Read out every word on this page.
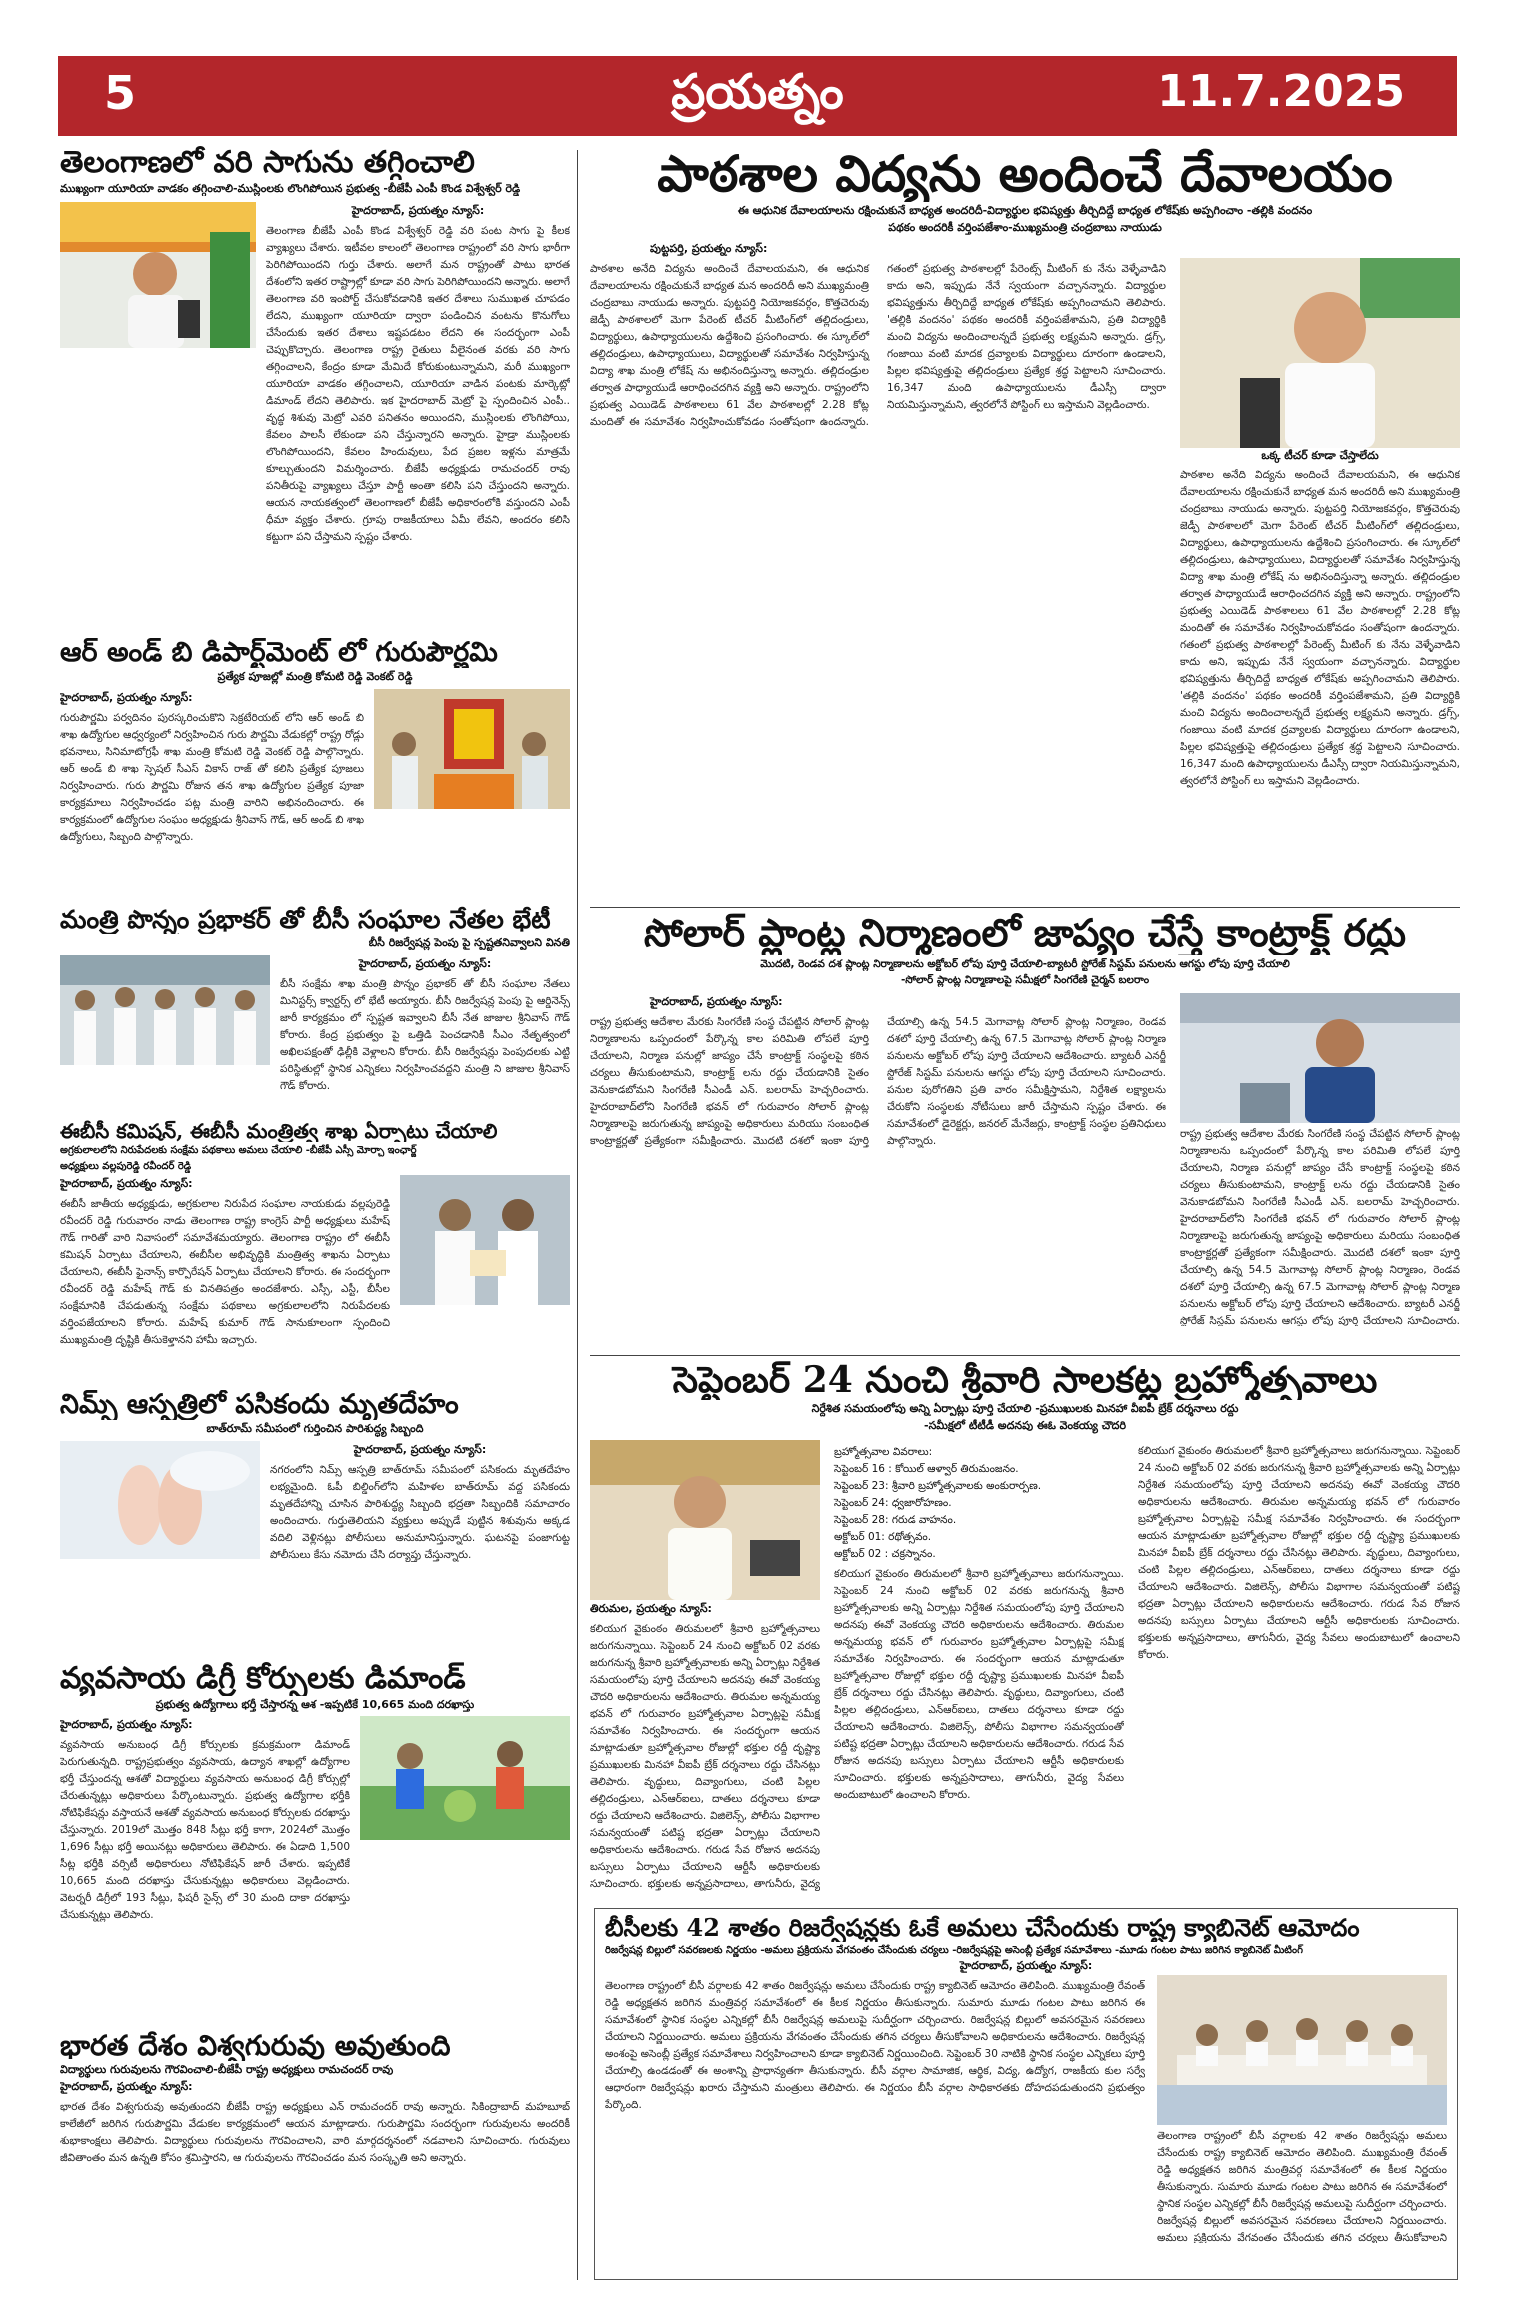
5	ప్రయత్నం	11.7.2025
తెలంగాణలో వరి సాగును తగ్గించాలి
ముఖ్యంగా యూరియా వాడకం తగ్గించాలి-ముస్లింలకు లొంగిపోయిన ప్రభుత్వ -బీజేపీ ఎంపీ కొండ విశ్వేశ్వర్ రెడ్డి
హైదరాబాద్, ప్రయత్నం న్యూస్:
తెలంగాణ బీజేపీ ఎంపీ కొండ విశ్వేశ్వర్ రెడ్డి వరి పంట సాగు పై కీలక వ్యాఖ్యలు చేశారు. ఇటీవల కాలంలో తెలంగాణ రాష్ట్రంలో వరి సాగు భారీగా పెరిగిపోయిందని గుర్తు చేశారు. అలాగే మన రాష్ట్రంతో పాటు భారత దేశంలోని ఇతర రాష్ట్రాల్లో కూడా వరి సాగు పెరిగిపోయిందని అన్నారు. అలాగే తెలంగాణ వరి ఇంపోర్ట్ చేసుకోవడానికి ఇతర దేశాలు సుముఖత చూపడం లేదని, ముఖ్యంగా యూరియా ద్వారా పండించిన వంటను కొనుగోలు చేసేందుకు ఇతర దేశాలు ఇష్టపడటం లేదని ఈ సందర్భంగా ఎంపీ చెప్పుకొచ్చారు. తెలంగాణ రాష్ట్ర రైతులు వీలైనంత వరకు వరి సాగు తగ్గించాలని, కేంద్రం కూడా మేమిదే కోరుకుంటున్నామని, మరీ ముఖ్యంగా యూరియా వాడకం తగ్గించాలని, యూరియా వాడిన పంటకు మార్కెట్లో డిమాండ్ లేదని తెలిపారు. ఇక హైదరాబాద్ మెట్రో పై స్పందించిన ఎంపీ.. వృద్ధ శిశువు మెట్రో ఎవరి పనితనం అయిందని, ముస్లింలకు లొంగిపోయి, కేవలం పాలసీ లేకుండా పని చేస్తున్నారని అన్నారు. హైడ్రా ముస్లింలకు లొంగిపోయిందని, కేవలం హిందువులు, పేద ప్రజల ఇళ్లను మాత్రమే కూల్చుతుందని విమర్శించారు. బీజేపీ అధ్యక్షుడు రామచందర్ రావు పనితీరుపై వ్యాఖ్యలు చేస్తూ పార్టీ అంతా కలిసి పని చేస్తుందని అన్నారు. ఆయన నాయకత్వంలో తెలంగాణలో బీజేపీ అధికారంలోకి వస్తుందని ఎంపీ ధీమా వ్యక్తం చేశారు. గ్రూపు రాజకీయాలు ఏమీ లేవని, అందరం కలిసి కట్టుగా పని చేస్తామని స్పష్టం చేశారు.
ఆర్ అండ్ బి డిపార్ట్‌మెంట్ లో గురుపౌర్ణమి
ప్రత్యేక పూజల్లో మంత్రి కోమటి రెడ్డి వెంకట్ రెడ్డి
హైదరాబాద్, ప్రయత్నం న్యూస్:
గురుపౌర్ణమి పర్వదినం పురస్కరించుకొని సెక్రటేరియట్ లోని ఆర్ అండ్ బి శాఖ ఉద్యోగుల ఆధ్వర్యంలో నిర్వహించిన గురు పౌర్ణమి వేడుకల్లో రాష్ట్ర రోడ్లు భవనాలు, సినిమాటోగ్రఫీ శాఖ మంత్రి కోమటి రెడ్డి వెంకట్ రెడ్డి పాల్గొన్నారు. ఆర్ అండ్ బి శాఖ స్పెషల్ సీఎస్ వికాస్ రాజ్ తో కలిసి ప్రత్యేక పూజలు నిర్వహించారు. గురు పౌర్ణమి రోజున తన శాఖ ఉద్యోగుల ప్రత్యేక పూజా కార్యక్రమాలు నిర్వహించడం పట్ల మంత్రి వారిని అభినందించారు. ఈ కార్యక్రమంలో ఉద్యోగుల సంఘం అధ్యక్షుడు శ్రీనివాస్ గౌడ్, ఆర్ అండ్ బి శాఖ ఉద్యోగులు, సిబ్బంది పాల్గొన్నారు.
మంత్రి పొన్నం ప్రభాకర్ తో బీసీ సంఘాల నేతల భేటీ
బీసీ రిజర్వేషన్ల పెంపు పై స్పష్టతనివ్వాలని వినతి
హైదరాబాద్, ప్రయత్నం న్యూస్:
బీసీ సంక్షేమ శాఖ మంత్రి పొన్నం ప్రభాకర్ తో బీసీ సంఘాల నేతలు మినిస్టర్స్ క్వార్టర్స్ లో భేటీ అయ్యారు. బీసీ రిజర్వేషన్ల పెంపు పై ఆర్డినెన్స్ జారీ కార్యక్రమం లో స్పష్టత ఇవ్వాలని బీసీ నేత జాజుల శ్రీనివాస్ గౌడ్ కోరారు. కేంద్ర ప్రభుత్వం పై ఒత్తిడి పెంచడానికి సీఎం నేతృత్వంలో అఖిలపక్షంతో ఢిల్లీకి వెళ్లాలని కోరారు. బీసీ రిజర్వేషన్లు పెంపుదలకు ఎట్టి పరిస్థితుల్లో స్థానిక ఎన్నికలు నిర్వహించవద్దని మంత్రి ని జాజుల శ్రీనివాస్ గౌడ్ కోరారు.
ఈబీసీ కమిషన్, ఈబీసీ మంత్రిత్వ శాఖ ఏర్పాటు చేయాలి
అగ్రకులాలలోని నిరుపేదలకు సంక్షేమ పథకాలు అమలు చేయాలి -బీజేపీ ఎస్సీ మోర్చా ఇంఛార్జ్
అధ్యక్షులు వల్లపురెడ్డి రవీందర్ రెడ్డి
హైదరాబాద్, ప్రయత్నం న్యూస్:
ఈబీసీ జాతీయ అధ్యక్షుడు, అగ్రకులాల నిరుపేద సంఘాల నాయకుడు వల్లపురెడ్డి రవీందర్ రెడ్డి గురువారం నాడు తెలంగాణ రాష్ట్ర కాంగ్రెస్ పార్టీ అధ్యక్షులు మహేష్ గౌడ్ గారితో వారి నివాసంలో సమావేశమయ్యారు. తెలంగాణ రాష్ట్రం లో ఈబీసీ కమిషన్ ఏర్పాటు చేయాలని, ఈబీసీల అభివృద్ధికి మంత్రిత్వ శాఖను ఏర్పాటు చేయాలని, ఈబీసీ ఫైనాన్స్ కార్పొరేషన్ ఏర్పాటు చేయాలని కోరారు. ఈ సందర్భంగా రవీందర్ రెడ్డి మహేష్ గౌడ్ కు వినతిపత్రం అందజేశారు. ఎస్సీ, ఎస్టీ, బీసీల సంక్షేమానికి చేపడుతున్న సంక్షేమ పథకాలు అగ్రకులాలలోని నిరుపేదలకు వర్తింపజేయాలని కోరారు. మహేష్ కుమార్ గౌడ్ సానుకూలంగా స్పందించి ముఖ్యమంత్రి దృష్టికి తీసుకెళ్తానని హామీ ఇచ్చారు.
నిమ్స్ ఆస్పత్రిలో పసికందు మృతదేహం
బాత్‌రూమ్ సమీపంలో గుర్తించిన పారిశుద్ధ్య సిబ్బంది
హైదరాబాద్, ప్రయత్నం న్యూస్:
నగరంలోని నిమ్స్ ఆస్పత్రి బాత్‌రూమ్ సమీపంలో పసికందు మృతదేహం లభ్యమైంది. ఓపీ బిల్డింగ్‌లోని మహిళల బాత్‌రూమ్ వద్ద పసికందు మృతదేహాన్ని చూసిన పారిశుద్ధ్య సిబ్బంది భద్రతా సిబ్బందికి సమాచారం అందించారు. గుర్తుతెలియని వ్యక్తులు అప్పుడే పుట్టిన శిశువును అక్కడ వదిలి వెళ్లినట్లు పోలీసులు అనుమానిస్తున్నారు. ఘటనపై పంజాగుట్ట పోలీసులు కేసు నమోదు చేసి దర్యాప్తు చేస్తున్నారు.
వ్యవసాయ డిగ్రీ కోర్సులకు డిమాండ్
ప్రభుత్వ ఉద్యోగాలు భర్తీ చేస్తారన్న ఆశ -ఇప్పటికే 10,665 మంది దరఖాస్తు
హైదరాబాద్, ప్రయత్నం న్యూస్:
వ్యవసాయ అనుబంధ డిగ్రీ కోర్సులకు క్రమక్రమంగా డిమాండ్ పెరుగుతున్నది. రాష్ట్రప్రభుత్వం వ్యవసాయ, ఉద్యాన శాఖల్లో ఉద్యోగాల భర్తీ చేస్తుందన్న ఆశతో విద్యార్థులు వ్యవసాయ అనుబంధ డిగ్రీ కోర్సుల్లో చేరుతున్నట్లు అధికారులు పేర్కొంటున్నారు. ప్రభుత్వ ఉద్యోగాల భర్తీకి నోటిఫికేషన్లు వస్తాయనే ఆశతో వ్యవసాయ అనుబంధ కోర్సులకు దరఖాస్తు చేస్తున్నారు. 2019లో మొత్తం 848 సీట్లు భర్తీ కాగా, 2024లో మొత్తం 1,696 సీట్లు భర్తీ అయినట్లు అధికారులు తెలిపారు. ఈ ఏడాది 1,500 సీట్ల భర్తీకి వర్సిటీ అధికారులు నోటిఫికేషన్ జారీ చేశారు. ఇప్పటికే 10,665 మంది దరఖాస్తు చేసుకున్నట్లు అధికారులు వెల్లడించారు. వెటర్నరీ డిగ్రీలో 193 సీట్లు, ఫిషరీ సైన్స్ లో 30 మంది దాకా దరఖాస్తు చేసుకున్నట్లు తెలిపారు.
భారత దేశం విశ్వగురువు అవుతుంది
విద్యార్థులు గురువులను గౌరవించాలి-బీజేపీ రాష్ట్ర అధ్యక్షులు రామచందర్ రావు
హైదరాబాద్, ప్రయత్నం న్యూస్:
భారత దేశం విశ్వగురువు అవుతుందని బీజేపీ రాష్ట్ర అధ్యక్షులు ఎన్ రామచందర్ రావు అన్నారు. సికింద్రాబాద్ మహబూబ్ కాలేజీలో జరిగిన గురుపౌర్ణమి వేడుకల కార్యక్రమంలో ఆయన మాట్లాడారు. గురుపౌర్ణమి సందర్భంగా గురువులను అందరికీ శుభాకాంక్షలు తెలిపారు. విద్యార్థులు గురువులను గౌరవించాలని, వారి మార్గదర్శనంలో నడవాలని సూచించారు. గురువులు జీవితాంతం మన ఉన్నతి కోసం శ్రమిస్తారని, ఆ గురువులను గౌరవించడం మన సంస్కృతి అని అన్నారు.
పాఠశాల విద్యను అందించే దేవాలయం
ఈ ఆధునిక దేవాలయాలను రక్షించుకునే బాధ్యత అందరిదీ-విద్యార్థుల భవిష్యత్తు తీర్చిదిద్దే బాధ్యత లోకేష్‌కు అప్పగించాం -తల్లికి వందనం
పథకం అందరికీ వర్తింపజేశాం-ముఖ్యమంత్రి చంద్రబాబు నాయుడు
పుట్టపర్తి, ప్రయత్నం న్యూస్:
పాఠశాల అనేది విద్యను అందించే దేవాలయమని, ఈ ఆధునిక దేవాలయాలను రక్షించుకునే బాధ్యత మన అందరిదీ అని ముఖ్యమంత్రి చంద్రబాబు నాయుడు అన్నారు. పుట్టపర్తి నియోజకవర్గం, కొత్తచెరువు జెడ్పీ పాఠశాలలో మెగా పేరెంట్ టీచర్ మీటింగ్‌లో తల్లిదండ్రులు, విద్యార్థులు, ఉపాధ్యాయులను ఉద్దేశించి ప్రసంగించారు. ఈ స్కూల్‌లో తల్లిదండ్రులు, ఉపాధ్యాయులు, విద్యార్థులతో సమావేశం నిర్వహిస్తున్న విద్యా శాఖ మంత్రి లోకేష్ ను అభినందిస్తున్నా అన్నారు. తల్లిదండ్రుల తర్వాత పాధ్యాయుడే ఆరాధించదగిన వ్యక్తి అని అన్నారు. రాష్ట్రంలోని ప్రభుత్వ ఎయిడెడ్ పాఠశాలలు 61 వేల పాఠశాలల్లో 2.28 కోట్ల మందితో ఈ సమావేశం నిర్వహించుకోవడం సంతోషంగా ఉందన్నారు. గతంలో ప్రభుత్వ పాఠశాలల్లో పేరెంట్స్ మీటింగ్ కు నేను వెళ్ళేవాడిని కాదు అని, ఇప్పుడు నేనే స్వయంగా వచ్చానన్నారు. విద్యార్థుల భవిష్యత్తును తీర్చిదిద్దే బాధ్యత లోకేష్‌కు అప్పగించామని తెలిపారు. 'తల్లికి వందనం' పథకం అందరికీ వర్తింపజేశామని, ప్రతి విద్యార్థికి మంచి విద్యను అందించాలన్నదే ప్రభుత్వ లక్ష్యమని అన్నారు. డ్రగ్స్, గంజాయి వంటి మాదక ద్రవ్యాలకు విద్యార్థులు దూరంగా ఉండాలని, పిల్లల భవిష్యత్తుపై తల్లిదండ్రులు ప్రత్యేక శ్రద్ధ పెట్టాలని సూచించారు. 16,347 మంది ఉపాధ్యాయులను డీఎస్సీ ద్వారా నియమిస్తున్నామని, త్వరలోనే పోస్టింగ్ లు ఇస్తామని వెల్లడించారు.
ఒక్క టీచర్ కూడా చేస్తాలేదు
పాఠశాల అనేది విద్యను అందించే దేవాలయమని, ఈ ఆధునిక దేవాలయాలను రక్షించుకునే బాధ్యత మన అందరిదీ అని ముఖ్యమంత్రి చంద్రబాబు నాయుడు అన్నారు. పుట్టపర్తి నియోజకవర్గం, కొత్తచెరువు జెడ్పీ పాఠశాలలో మెగా పేరెంట్ టీచర్ మీటింగ్‌లో తల్లిదండ్రులు, విద్యార్థులు, ఉపాధ్యాయులను ఉద్దేశించి ప్రసంగించారు. ఈ స్కూల్‌లో తల్లిదండ్రులు, ఉపాధ్యాయులు, విద్యార్థులతో సమావేశం నిర్వహిస్తున్న విద్యా శాఖ మంత్రి లోకేష్ ను అభినందిస్తున్నా అన్నారు. తల్లిదండ్రుల తర్వాత పాధ్యాయుడే ఆరాధించదగిన వ్యక్తి అని అన్నారు. రాష్ట్రంలోని ప్రభుత్వ ఎయిడెడ్ పాఠశాలలు 61 వేల పాఠశాలల్లో 2.28 కోట్ల మందితో ఈ సమావేశం నిర్వహించుకోవడం సంతోషంగా ఉందన్నారు. గతంలో ప్రభుత్వ పాఠశాలల్లో పేరెంట్స్ మీటింగ్ కు నేను వెళ్ళేవాడిని కాదు అని, ఇప్పుడు నేనే స్వయంగా వచ్చానన్నారు. విద్యార్థుల భవిష్యత్తును తీర్చిదిద్దే బాధ్యత లోకేష్‌కు అప్పగించామని తెలిపారు. 'తల్లికి వందనం' పథకం అందరికీ వర్తింపజేశామని, ప్రతి విద్యార్థికి మంచి విద్యను అందించాలన్నదే ప్రభుత్వ లక్ష్యమని అన్నారు. డ్రగ్స్, గంజాయి వంటి మాదక ద్రవ్యాలకు విద్యార్థులు దూరంగా ఉండాలని, పిల్లల భవిష్యత్తుపై తల్లిదండ్రులు ప్రత్యేక శ్రద్ధ పెట్టాలని సూచించారు. 16,347 మంది ఉపాధ్యాయులను డీఎస్సీ ద్వారా నియమిస్తున్నామని, త్వరలోనే పోస్టింగ్ లు ఇస్తామని వెల్లడించారు.
సోలార్ ప్లాంట్ల నిర్మాణంలో జాప్యం చేస్తే కాంట్రాక్ట్ రద్దు
మొదటి, రెండవ దశ ప్లాంట్ల నిర్మాణాలను అక్టోబర్ లోపు పూర్తి చేయాలి-బ్యాటరీ స్టోరేజ్ సిస్టమ్ పనులను ఆగస్టు లోపు పూర్తి చేయాలి
-సోలార్ ప్లాంట్ల నిర్మాణాలపై సమీక్షలో సింగరేణి చైర్మన్ బలరాం
హైదరాబాద్, ప్రయత్నం న్యూస్:
రాష్ట్ర ప్రభుత్వ ఆదేశాల మేరకు సింగరేణి సంస్థ చేపట్టిన సోలార్ ప్లాంట్ల నిర్మాణాలను ఒప్పందంలో పేర్కొన్న కాల పరిమితి లోపలే పూర్తి చేయాలని, నిర్మాణ పనుల్లో జాప్యం చేసే కాంట్రాక్ట్ సంస్థలపై కఠిన చర్యలు తీసుకుంటామని, కాంట్రాక్ట్ లను రద్దు చేయడానికి సైతం వెనుకాడబోమని సింగరేణి సీఎండీ ఎన్. బలరామ్ హెచ్చరించారు. హైదరాబాద్‌లోని సింగరేణి భవన్ లో గురువారం సోలార్ ప్లాంట్ల నిర్మాణాలపై జరుగుతున్న జాప్యంపై అధికారులు మరియు సంబంధిత కాంట్రాక్టర్లతో ప్రత్యేకంగా సమీక్షించారు. మొదటి దశలో ఇంకా పూర్తి చేయాల్సి ఉన్న 54.5 మెగావాట్ల సోలార్ ప్లాంట్ల నిర్మాణం, రెండవ దశలో పూర్తి చేయాల్సి ఉన్న 67.5 మెగావాట్ల సోలార్ ప్లాంట్ల నిర్మాణ పనులను అక్టోబర్ లోపు పూర్తి చేయాలని ఆదేశించారు. బ్యాటరీ ఎనర్జీ స్టోరేజ్ సిస్టమ్ పనులను ఆగస్టు లోపు పూర్తి చేయాలని సూచించారు. పనుల పురోగతిని ప్రతి వారం సమీక్షిస్తామని, నిర్దేశిత లక్ష్యాలను చేరుకోని సంస్థలకు నోటీసులు జారీ చేస్తామని స్పష్టం చేశారు. ఈ సమావేశంలో డైరెక్టర్లు, జనరల్ మేనేజర్లు, కాంట్రాక్ట్ సంస్థల ప్రతినిధులు పాల్గొన్నారు.
రాష్ట్ర ప్రభుత్వ ఆదేశాల మేరకు సింగరేణి సంస్థ చేపట్టిన సోలార్ ప్లాంట్ల నిర్మాణాలను ఒప్పందంలో పేర్కొన్న కాల పరిమితి లోపలే పూర్తి చేయాలని, నిర్మాణ పనుల్లో జాప్యం చేసే కాంట్రాక్ట్ సంస్థలపై కఠిన చర్యలు తీసుకుంటామని, కాంట్రాక్ట్ లను రద్దు చేయడానికి సైతం వెనుకాడబోమని సింగరేణి సీఎండీ ఎన్. బలరామ్ హెచ్చరించారు. హైదరాబాద్‌లోని సింగరేణి భవన్ లో గురువారం సోలార్ ప్లాంట్ల నిర్మాణాలపై జరుగుతున్న జాప్యంపై అధికారులు మరియు సంబంధిత కాంట్రాక్టర్లతో ప్రత్యేకంగా సమీక్షించారు. మొదటి దశలో ఇంకా పూర్తి చేయాల్సి ఉన్న 54.5 మెగావాట్ల సోలార్ ప్లాంట్ల నిర్మాణం, రెండవ దశలో పూర్తి చేయాల్సి ఉన్న 67.5 మెగావాట్ల సోలార్ ప్లాంట్ల నిర్మాణ పనులను అక్టోబర్ లోపు పూర్తి చేయాలని ఆదేశించారు. బ్యాటరీ ఎనర్జీ స్టోరేజ్ సిస్టమ్ పనులను ఆగస్టు లోపు పూర్తి చేయాలని సూచించారు.
సెప్టెంబర్ 24 నుంచి శ్రీవారి సాలకట్ల బ్రహ్మోత్సవాలు
నిర్దేశిత సమయంలోపు అన్ని ఏర్పాట్లు పూర్తి చేయాలి -ప్రముఖులకు మినహా వీఐపీ బ్రేక్ దర్శనాలు రద్దు
-సమీక్షలో టీటీడీ అదనపు ఈఓ వెంకయ్య చౌదరి
తిరుమల, ప్రయత్నం న్యూస్:
కలియుగ వైకుంఠం తిరుమలలో శ్రీవారి బ్రహ్మోత్సవాలు జరుగనున్నాయి. సెప్టెంబర్ 24 నుంచి అక్టోబర్ 02 వరకు జరుగనున్న శ్రీవారి బ్రహ్మోత్సవాలకు అన్ని ఏర్పాట్లు నిర్దేశిత సమయంలోపు పూర్తి చేయాలని అదనపు ఈవో వెంకయ్య చౌదరి అధికారులను ఆదేశించారు. తిరుమల అన్నమయ్య భవన్ లో గురువారం బ్రహ్మోత్సవాల ఏర్పాట్లపై సమీక్ష సమావేశం నిర్వహించారు. ఈ సందర్భంగా ఆయన మాట్లాడుతూ బ్రహ్మోత్సవాల రోజుల్లో భక్తుల రద్దీ దృష్ట్యా ప్రముఖులకు మినహా వీఐపీ బ్రేక్ దర్శనాలు రద్దు చేసినట్లు తెలిపారు. వృద్ధులు, దివ్యాంగులు, చంటి పిల్లల తల్లిదండ్రులు, ఎన్ఆర్ఐలు, దాతలు దర్శనాలు కూడా రద్దు చేయాలని ఆదేశించారు. విజిలెన్స్, పోలీసు విభాగాల సమన్వయంతో పటిష్ట భద్రతా ఏర్పాట్లు చేయాలని అధికారులను ఆదేశించారు. గరుడ సేవ రోజున అదనపు బస్సులు ఏర్పాటు చేయాలని ఆర్టీసీ అధికారులకు సూచించారు. భక్తులకు అన్నప్రసాదాలు, తాగునీరు, వైద్య
బ్రహ్మోత్సవాల వివరాలు:
సెప్టెంబర్ 16 : కోయిల్ ఆళ్వార్ తిరుమంజనం.
సెప్టెంబర్ 23: శ్రీవారి బ్రహ్మోత్సవాలకు అంకురార్పణ.
సెప్టెంబర్ 24: ధ్వజారోహణం.
సెప్టెంబర్ 28: గరుడ వాహనం.
అక్టోబర్ 01: రథోత్సవం.
అక్టోబర్ 02 : చక్రస్నానం.
కలియుగ వైకుంఠం తిరుమలలో శ్రీవారి బ్రహ్మోత్సవాలు జరుగనున్నాయి. సెప్టెంబర్ 24 నుంచి అక్టోబర్ 02 వరకు జరుగనున్న శ్రీవారి బ్రహ్మోత్సవాలకు అన్ని ఏర్పాట్లు నిర్దేశిత సమయంలోపు పూర్తి చేయాలని అదనపు ఈవో వెంకయ్య చౌదరి అధికారులను ఆదేశించారు. తిరుమల అన్నమయ్య భవన్ లో గురువారం బ్రహ్మోత్సవాల ఏర్పాట్లపై సమీక్ష సమావేశం నిర్వహించారు. ఈ సందర్భంగా ఆయన మాట్లాడుతూ బ్రహ్మోత్సవాల రోజుల్లో భక్తుల రద్దీ దృష్ట్యా ప్రముఖులకు మినహా వీఐపీ బ్రేక్ దర్శనాలు రద్దు చేసినట్లు తెలిపారు. వృద్ధులు, దివ్యాంగులు, చంటి పిల్లల తల్లిదండ్రులు, ఎన్ఆర్ఐలు, దాతలు దర్శనాలు కూడా రద్దు చేయాలని ఆదేశించారు. విజిలెన్స్, పోలీసు విభాగాల సమన్వయంతో పటిష్ట భద్రతా ఏర్పాట్లు చేయాలని అధికారులను ఆదేశించారు. గరుడ సేవ రోజున అదనపు బస్సులు ఏర్పాటు చేయాలని ఆర్టీసీ అధికారులకు సూచించారు. భక్తులకు అన్నప్రసాదాలు, తాగునీరు, వైద్య సేవలు అందుబాటులో ఉంచాలని కోరారు.
కలియుగ వైకుంఠం తిరుమలలో శ్రీవారి బ్రహ్మోత్సవాలు జరుగనున్నాయి. సెప్టెంబర్ 24 నుంచి అక్టోబర్ 02 వరకు జరుగనున్న శ్రీవారి బ్రహ్మోత్సవాలకు అన్ని ఏర్పాట్లు నిర్దేశిత సమయంలోపు పూర్తి చేయాలని అదనపు ఈవో వెంకయ్య చౌదరి అధికారులను ఆదేశించారు. తిరుమల అన్నమయ్య భవన్ లో గురువారం బ్రహ్మోత్సవాల ఏర్పాట్లపై సమీక్ష సమావేశం నిర్వహించారు. ఈ సందర్భంగా ఆయన మాట్లాడుతూ బ్రహ్మోత్సవాల రోజుల్లో భక్తుల రద్దీ దృష్ట్యా ప్రముఖులకు మినహా వీఐపీ బ్రేక్ దర్శనాలు రద్దు చేసినట్లు తెలిపారు. వృద్ధులు, దివ్యాంగులు, చంటి పిల్లల తల్లిదండ్రులు, ఎన్ఆర్ఐలు, దాతలు దర్శనాలు కూడా రద్దు చేయాలని ఆదేశించారు. విజిలెన్స్, పోలీసు విభాగాల సమన్వయంతో పటిష్ట భద్రతా ఏర్పాట్లు చేయాలని అధికారులను ఆదేశించారు. గరుడ సేవ రోజున అదనపు బస్సులు ఏర్పాటు చేయాలని ఆర్టీసీ అధికారులకు సూచించారు. భక్తులకు అన్నప్రసాదాలు, తాగునీరు, వైద్య సేవలు అందుబాటులో ఉంచాలని కోరారు.
బీసీలకు 42 శాతం రిజర్వేషన్లకు ఓకే అమలు చేసేందుకు రాష్ట్ర క్యాబినెట్ ఆమోదం
రిజర్వేషన్ల బిల్లులో సవరణలకు నిర్ణయం -అమలు ప్రక్రియను వేగవంతం చేసేందుకు చర్యలు -రిజర్వేషన్లపై అసెంబ్లీ ప్రత్యేక సమావేశాలు -మూడు గంటల పాటు జరిగిన క్యాబినెట్ మీటింగ్
హైదరాబాద్, ప్రయత్నం న్యూస్:
తెలంగాణ రాష్ట్రంలో బీసీ వర్గాలకు 42 శాతం రిజర్వేషన్లు అమలు చేసేందుకు రాష్ట్ర క్యాబినెట్ ఆమోదం తెలిపింది. ముఖ్యమంత్రి రేవంత్ రెడ్డి అధ్యక్షతన జరిగిన మంత్రివర్గ సమావేశంలో ఈ కీలక నిర్ణయం తీసుకున్నారు. సుమారు మూడు గంటల పాటు జరిగిన ఈ సమావేశంలో స్థానిక సంస్థల ఎన్నికల్లో బీసీ రిజర్వేషన్ల అమలుపై సుదీర్ఘంగా చర్చించారు. రిజర్వేషన్ల బిల్లులో అవసరమైన సవరణలు చేయాలని నిర్ణయించారు. అమలు ప్రక్రియను వేగవంతం చేసేందుకు తగిన చర్యలు తీసుకోవాలని అధికారులను ఆదేశించారు. రిజర్వేషన్ల అంశంపై అసెంబ్లీ ప్రత్యేక సమావేశాలు నిర్వహించాలని కూడా క్యాబినెట్ నిర్ణయించింది. సెప్టెంబర్ 30 నాటికి స్థానిక సంస్థల ఎన్నికలు పూర్తి చేయాల్సి ఉండడంతో ఈ అంశాన్ని ప్రాధాన్యతగా తీసుకున్నారు. బీసీ వర్గాల సామాజిక, ఆర్థిక, విద్య, ఉద్యోగ, రాజకీయ కుల సర్వే ఆధారంగా రిజర్వేషన్లు ఖరారు చేస్తామని మంత్రులు తెలిపారు. ఈ నిర్ణయం బీసీ వర్గాల సాధికారతకు దోహదపడుతుందని ప్రభుత్వం పేర్కొంది.
తెలంగాణ రాష్ట్రంలో బీసీ వర్గాలకు 42 శాతం రిజర్వేషన్లు అమలు చేసేందుకు రాష్ట్ర క్యాబినెట్ ఆమోదం తెలిపింది. ముఖ్యమంత్రి రేవంత్ రెడ్డి అధ్యక్షతన జరిగిన మంత్రివర్గ సమావేశంలో ఈ కీలక నిర్ణయం తీసుకున్నారు. సుమారు మూడు గంటల పాటు జరిగిన ఈ సమావేశంలో స్థానిక సంస్థల ఎన్నికల్లో బీసీ రిజర్వేషన్ల అమలుపై సుదీర్ఘంగా చర్చించారు. రిజర్వేషన్ల బిల్లులో అవసరమైన సవరణలు చేయాలని నిర్ణయించారు. అమలు ప్రక్రియను వేగవంతం చేసేందుకు తగిన చర్యలు తీసుకోవాలని
